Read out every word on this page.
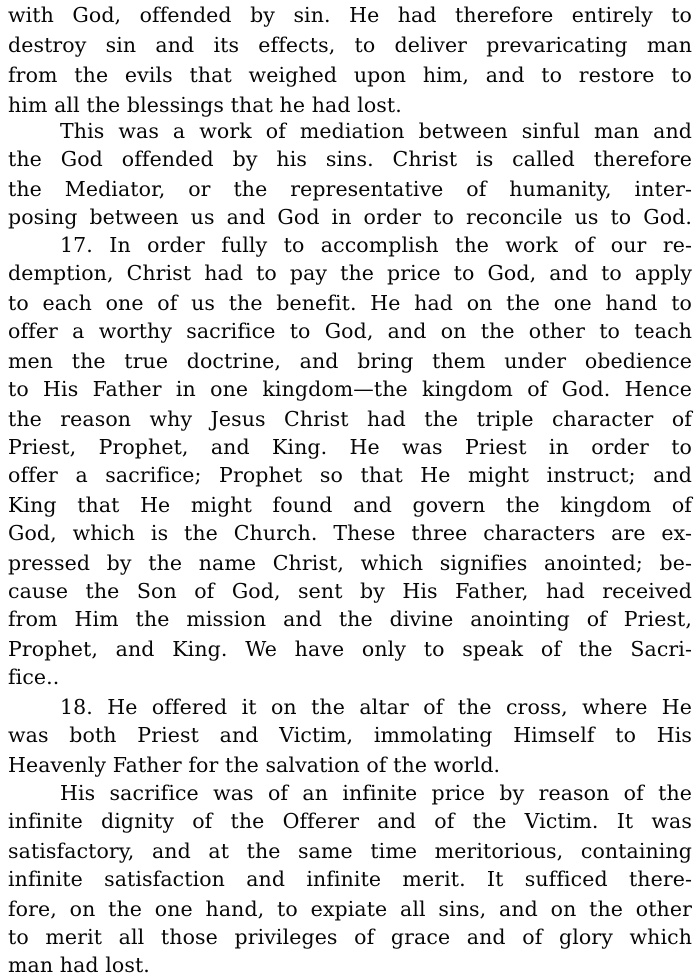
with God, offended by sin. He had therefore entirely to
destroy sin and its effects, to deliver prevaricating man
from the evils that weighed upon him, and to restore to
him all the blessings that he had lost.
This was a work of mediation between sinful man and
the God offended by his sins. Christ is called therefore
the Mediator, or the representative of humanity, inter-
posing between us and God in order to reconcile us to God.
17. In order fully to accomplish the work of our re-
demption, Christ had to pay the price to God, and to apply
to each one of us the benefit. He had on the one hand to
offer a worthy sacrifice to God, and on the other to teach
men the true doctrine, and bring them under obedience
to His Father in one kingdom—the kingdom of God. Hence
the reason why Jesus Christ had the triple character of
Priest, Prophet, and King. He was Priest in order to
offer a sacrifice; Prophet so that He might instruct; and
King that He might found and govern the kingdom of
God, which is the Church. These three characters are ex-
pressed by the name Christ, which signifies anointed; be-
cause the Son of God, sent by His Father, had received
from Him the mission and the divine anointing of Priest,
Prophet, and King. We have only to speak of the Sacri-
fice..
18. He offered it on the altar of the cross, where He
was both Priest and Victim, immolating Himself to His
Heavenly Father for the salvation of the world.
His sacrifice was of an infinite price by reason of the
infinite dignity of the Offerer and of the Victim. It was
satisfactory, and at the same time meritorious, containing
infinite satisfaction and infinite merit. It sufficed there-
fore, on the one hand, to expiate all sins, and on the other
to merit all those privileges of grace and of glory which
man had lost.
